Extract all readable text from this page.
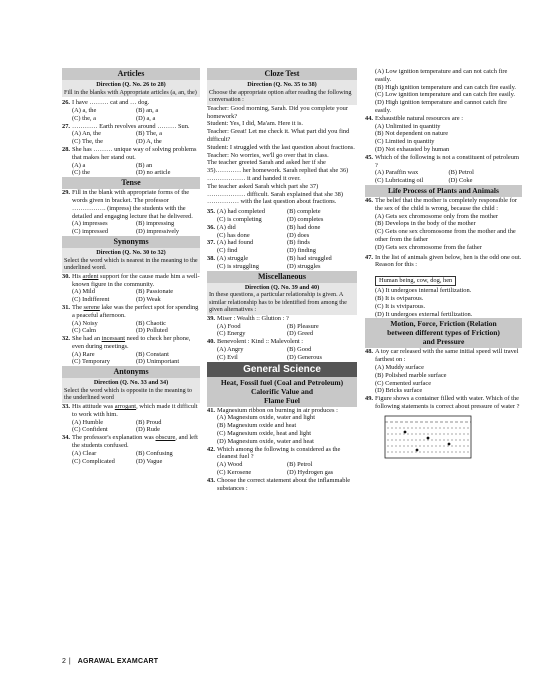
Articles
Direction (Q. No. 26 to 28)
Fill in the blanks with Appropriate articles (a, an, the)
26. I have ……… cat and … dog.
(A) a, the	(B) an, a
(C) the, a	(D) a, a
27. ………… Earth revolves around ……… Sun.
(A) An, the	(B) The, a
(C) The, the	(D) A, the
28. She has ……… unique way of solving problems that makes her stand out.
(A) a	(B) an
(C) the	(D) no article
Tense
29. Fill in the blank with appropriate forms of the words given in bracket. The professor ……………. (impress) the students with the detailed and engaging lecture that he delivered.
(A) impresses	(B) impressing
(C) impressed	(D) impressively
Synonyms
Direction (Q. No. 30 to 32)
Select the word which is nearest in the meaning to the underlined word.
30. His ardent support for the cause made him a well-known figure in the community.
(A) Mild	(B) Passionate
(C) Indifferent	(D) Weak
31. The serene lake was the perfect spot for spending a peaceful afternoon.
(A) Noisy	(B) Chaotic
(C) Calm	(D) Polluted
32. She had an incessant need to check her phone, even during meetings.
(A) Rare	(B) Constant
(C) Temporary	(D) Unimportant
Antonyms
Direction (Q. No. 33 and 34)
Select the word which is opposite in the meaning to the underlined word
33. His attitude was arrogant, which made it difficult to work with him.
(A) Humble	(B) Proud
(C) Confident	(D) Rude
34. The professor's explanation was obscure, and left the students confused.
(A) Clear	(B) Confusing
(C) Complicated	(D) Vague
Cloze Test
Direction (Q. No. 35 to 38)
Choose the appropriate option after reading the following conversation :

Teacher: Good morning, Sarah. Did you complete your homework?

Student: Yes, I did, Ma'am. Here it is.

Teacher: Great! Let me check it. What part did you find difficult?

Student: I struggled with the last question about fractions.

Teacher: No worries, we'll go over that in class.

The teacher greeted Sarah and asked her if she 35)………… her homework. Sarah replied that she 36) ……………… it and handed it over.

The teacher asked Sarah which part she 37) ……………… difficult. Sarah explained that she 38) …………… with the last question about fractions.

35. (A) had completed	(B) complete
(C) is completing	(D) completes
36. (A) did	(B) had done
(C) has done	(D) does
37. (A) had found	(B) finds
(C) find	(D) finding
38. (A) struggle	(B) had struggled
(C) is struggling	(D) struggles
Miscellaneous
Direction (Q. No. 39 and 40)
In these questions, a particular relationship is given. A similar relationship has to be identified from among the given alternatives :
39. Miser : Wealth :: Glutton : ?
(A) Food	(B) Pleasure
(C) Energy	(D) Greed
40. Benevolent : Kind :: Malevolent :
(A) Angry	(B) Good
(C) Evil	(D) Generous
General Science
Heat, Fossil fuel (Coal and Petroleum)
Calorific Value and
Flame Fuel
41. Magnesium ribbon on burning in air produces :
(A) Magnesium oxide, water and light
(B) Magnesium oxide and heat
(C) Magnesium oxide, heat and light
(D) Magnesium oxide, water and heat
42. Which among the following is considered as the cleanest fuel ?
(A) Wood	(B) Petrol
(C) Kerosene	(D) Hydrogen gas
43. Choose the correct statement about the inflammable substances :
(A) Low ignition temperature and can not catch fire easily.
(B) High ignition temperature and can catch fire easily.
(C) Low ignition temperature and can catch fire easily.
(D) High ignition temperature and cannot catch fire easily.
44. Exhaustible natural resources are :
(A) Unlimited in quantity
(B) Not dependent on nature
(C) Limited in quantity
(D) Not exhausted by human
45. Which of the following is not a constituent of petroleum ?
(A) Paraffin wax	(B) Petrol
(C) Lubricating oil	(D) Coke
Life Process of Plants and Animals
46. The belief that the mother is completely responsible for the sex of the child is wrong, because the child :
(A) Gets sex chromosome only from the mother
(B) Develops in the body of the mother
(C) Gets one sex chromosome from the mother and the other from the father
(D) Gets sex chromosome from the father
47. In the list of animals given below, hen is the odd one out. Reason for this :
Human being, cow, dog, hen
(A) It undergoes internal fertilization.
(B) It is oviparous.
(C) It is viviparous.
(D) It undergoes external fertilization.
Motion, Force, Friction (Relation
between different types of Friction)
and Pressure
48. A toy car released with the same initial speed will travel farthest on :
(A) Muddy surface
(B) Polished marble surface
(C) Cemented surface
(D) Bricks surface
49. Figure shows a container filled with water. Which of the following statements is correct about pressure of water ?
2 | AGRAWAL EXAMCART
